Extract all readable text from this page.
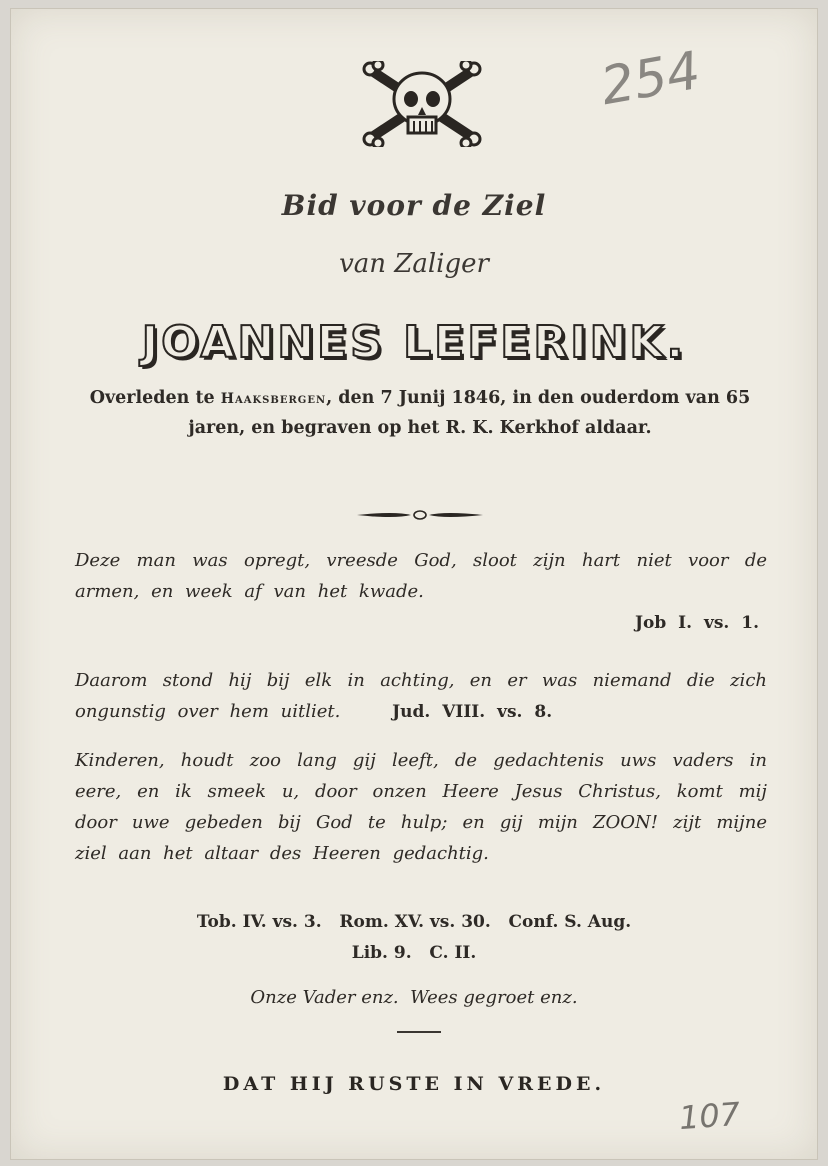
254
Bid voor de Ziel
van Zaliger
JOANNES LEFERINK.
Overleden te Haaksbergen, den 7 Junij 1846, in den ouderdom van 65 jaren, en begraven op het R. K. Kerkhof aldaar.
Deze man was opregt, vreesde God, sloot zijn hart niet voor de armen, en week af van het kwade.
Job I. vs. 1.
Daarom stond hij bij elk in achting, en er was niemand die zich ongunstig over hem uitliet.	Jud. VIII. vs. 8.
Kinderen, houdt zoo lang gij leeft, de gedachtenis uws vaders in eere, en ik smeek u, door onzen Heere Jesus Christus, komt mij door uwe gebeden bij God te hulp; en gij mijn ZOON! zijt mijne ziel aan het altaar des Heeren gedachtig.
Tob. IV. vs. 3.   Rom. XV. vs. 30.   Conf. S. Aug.
Lib. 9.   C. II.
Onze Vader enz.  Wees gegroet enz.
DAT HIJ RUSTE IN VREDE.
107
